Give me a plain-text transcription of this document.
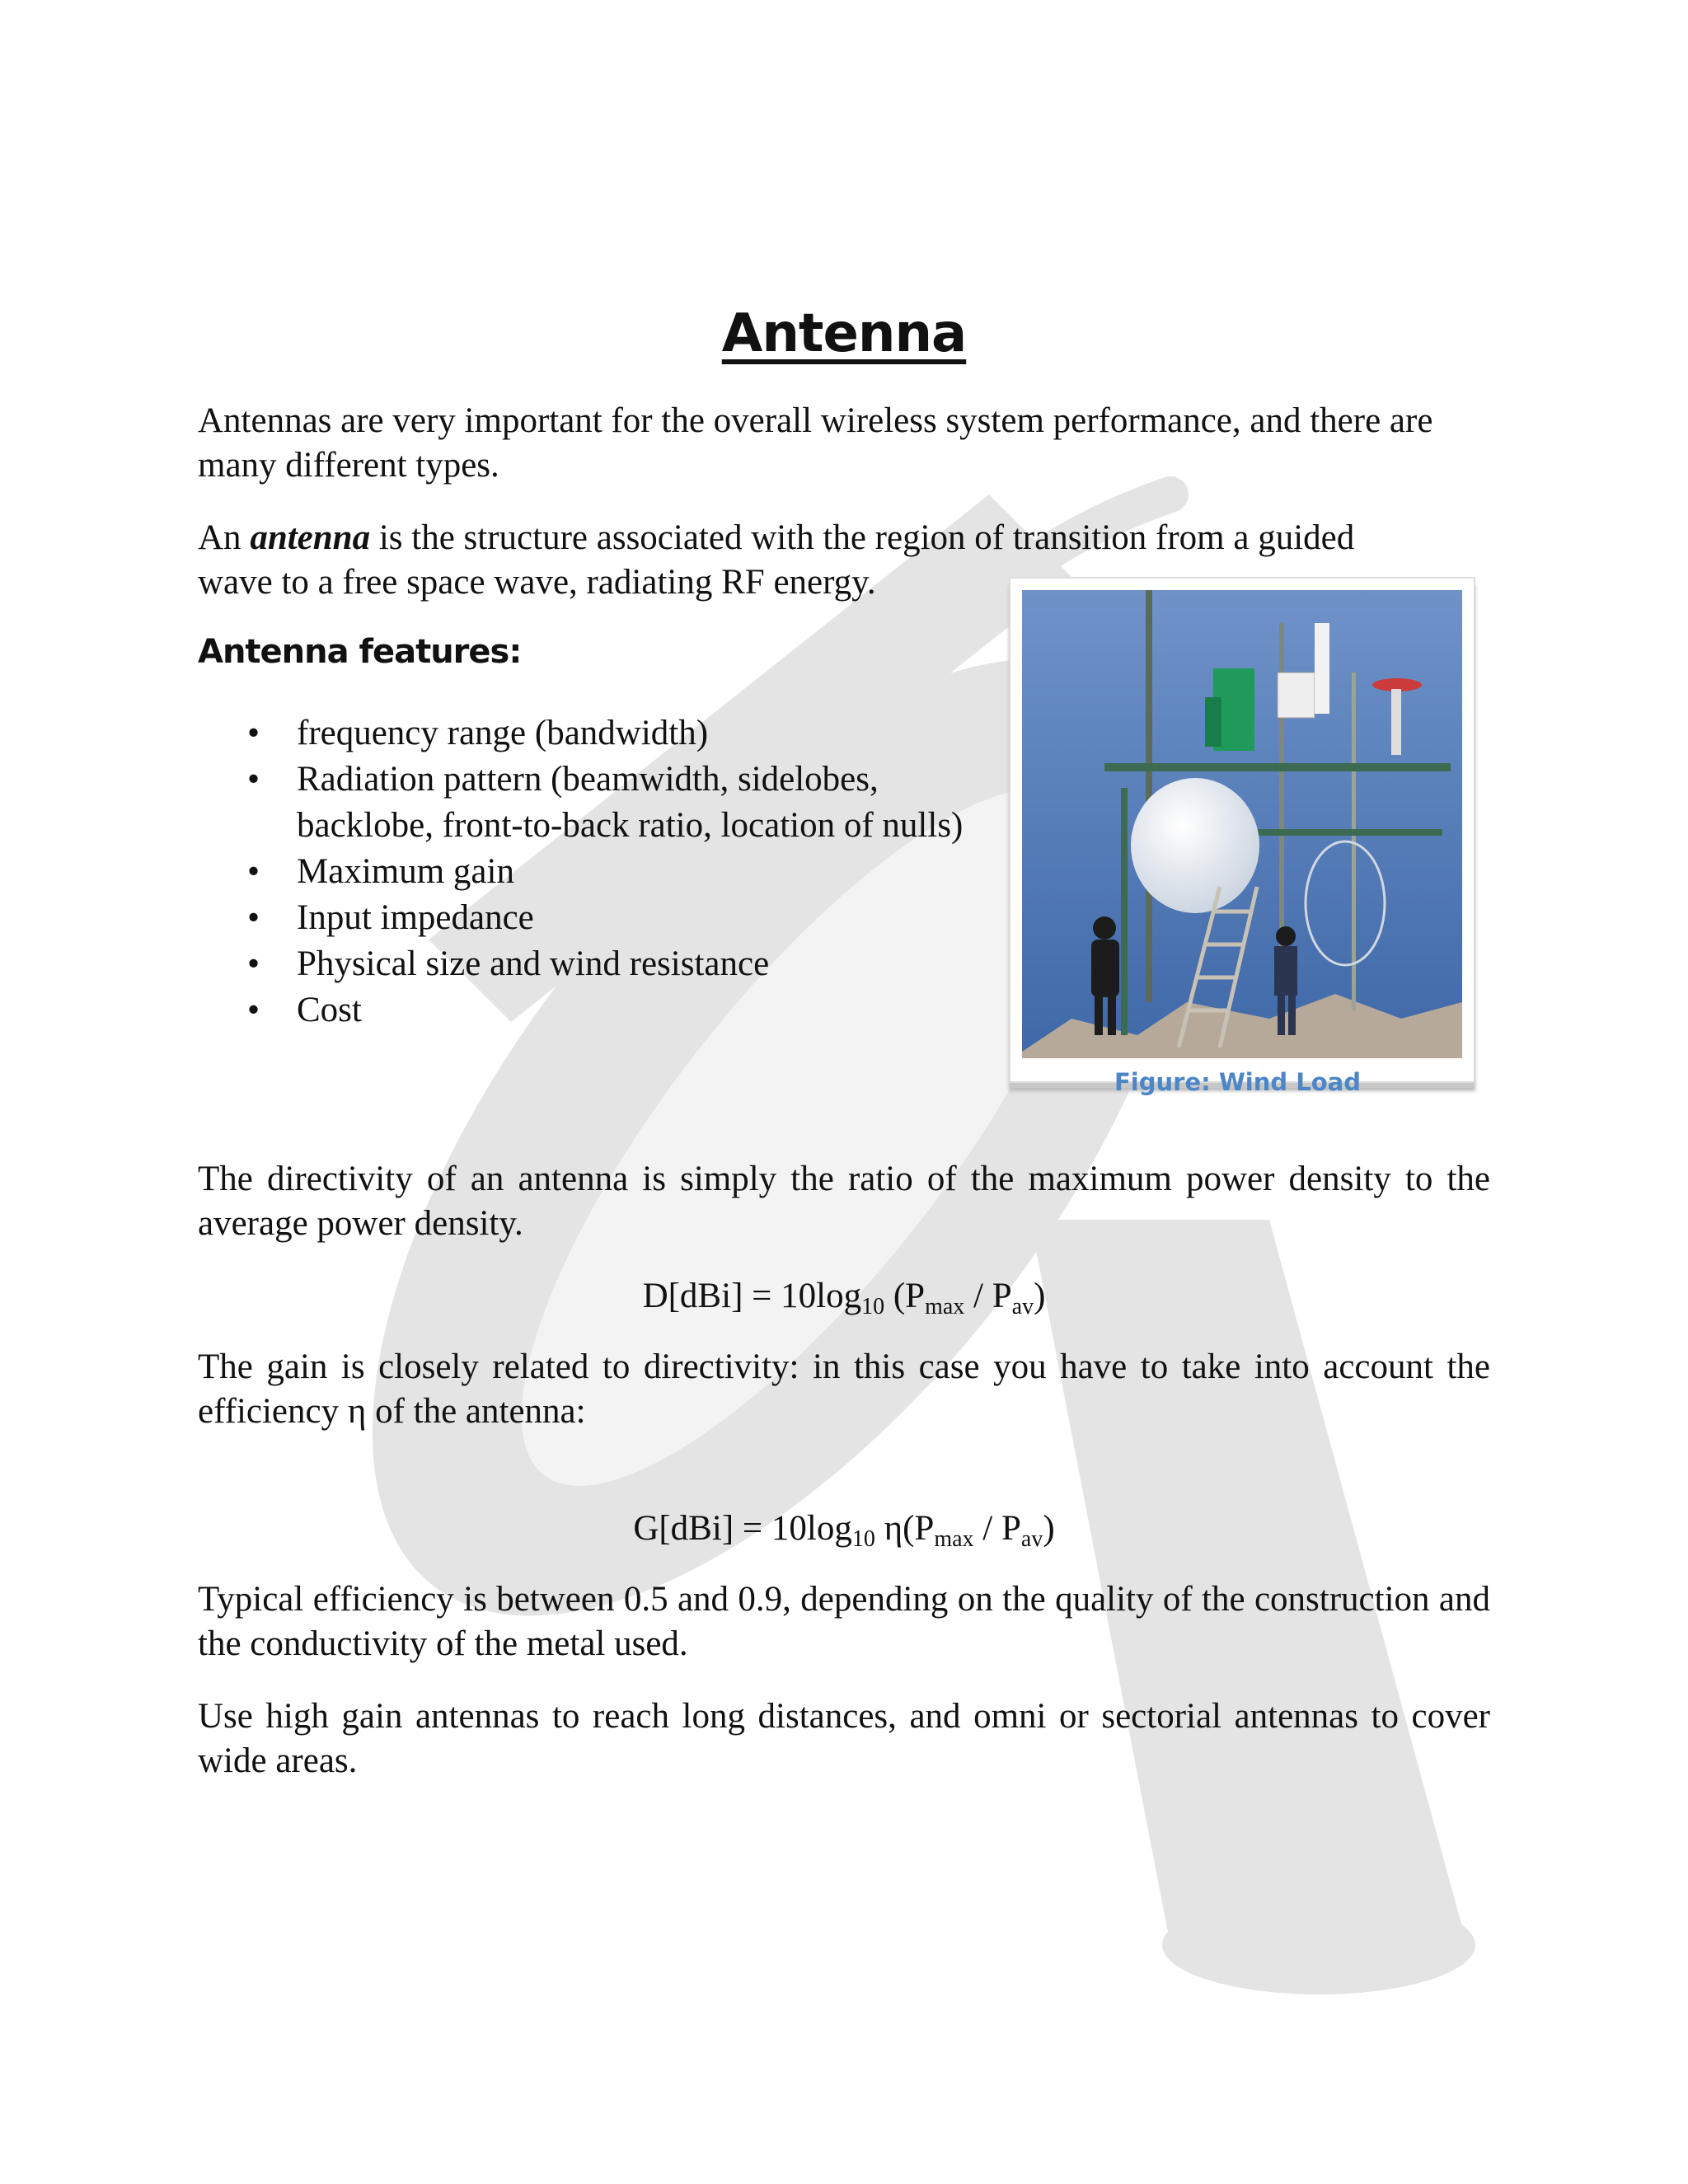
Antenna

Antennas are very important for the overall wireless system performance, and there are many different types.

An antenna is the structure associated with the region of transition from a guided

wave to a free space wave, radiating RF energy.

Antenna features:
• frequency range (bandwidth)
• Radiation pattern (beamwidth, sidelobes, backlobe, front-to-back ratio, location of nulls)
• Maximum gain
• Input impedance
• Physical size and wind resistance
• Cost

Figure: Wind Load

The directivity of an antenna is simply the ratio of the maximum power density to the average power density.

$D[dBi] = 10\log_{10}$ $(P_{max} / P_{av})$

The gain is closely related to directivity: in this case you have to take into account the efficiency η of the antenna:

$G[dBi] = 10\log_{10}$ $\eta(P_{max} / P_{av})$

Typical efficiency is between 0.5 and 0.9, depending on the quality of the construction and the conductivity of the metal used.

Use high gain antennas to reach long distances, and omni or sectorial antennas to cover wide areas.
